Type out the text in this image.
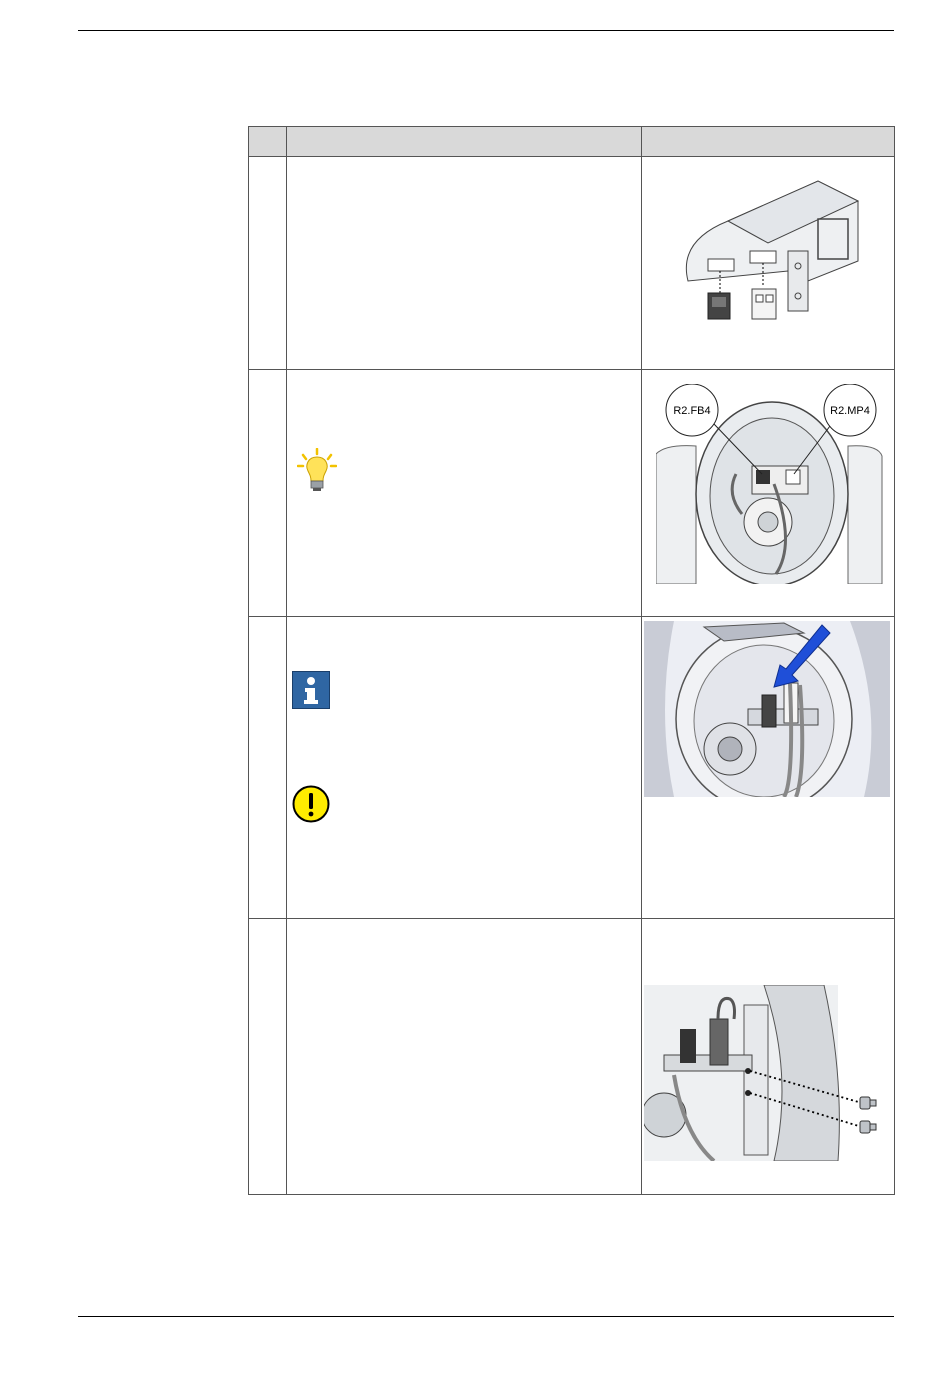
R2.FB4 R2.MP4
